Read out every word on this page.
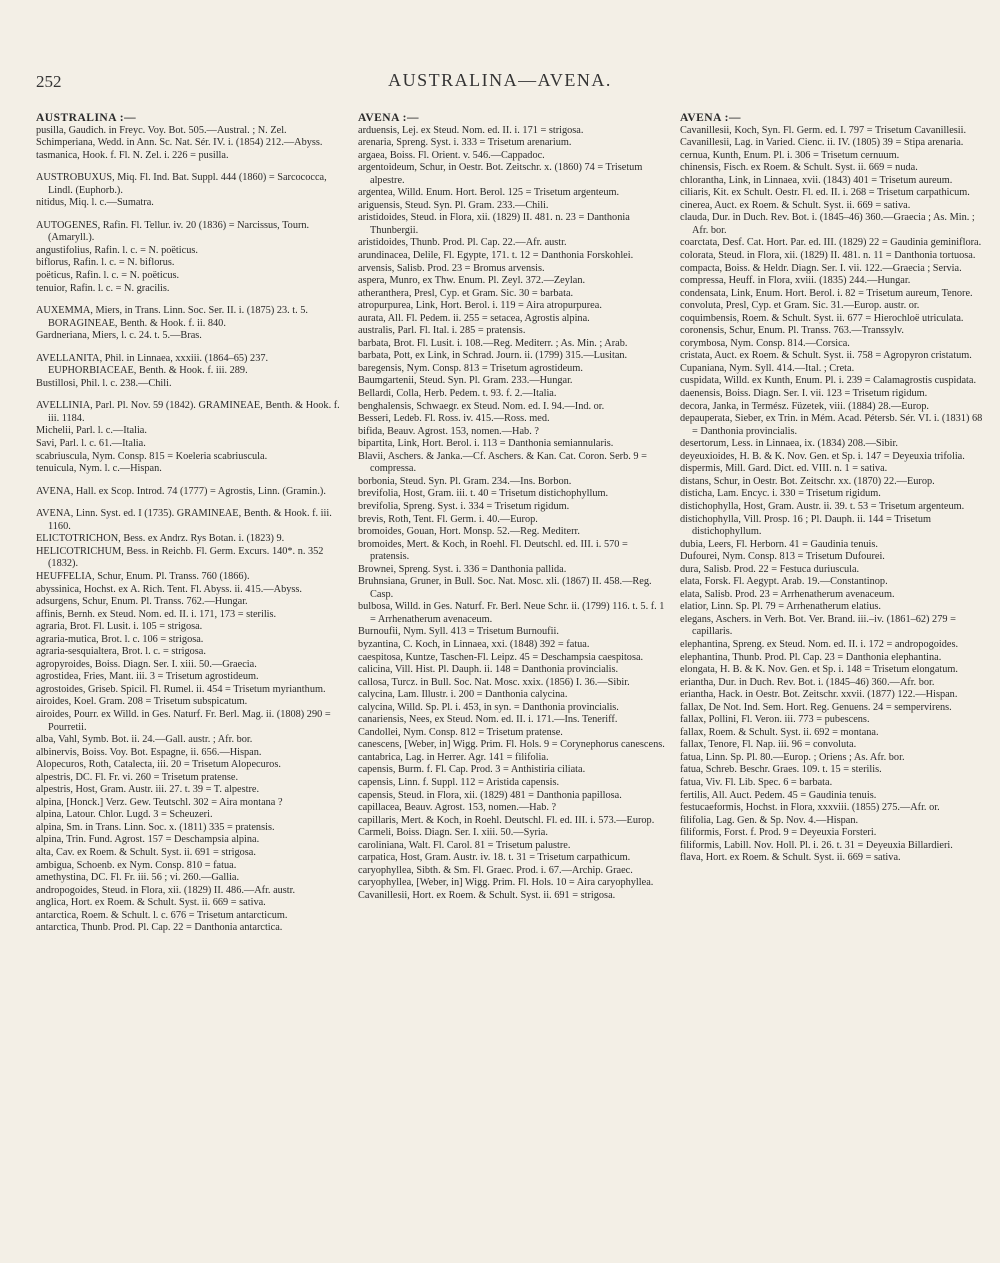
252	AUSTRALINA—AVENA.

AUSTRALINA :—

pusilla, Gaudich. in Freyc. Voy. Bot. 505.—Austral. ; N. Zel.

Schimperiana, Wedd. in Ann. Sc. Nat. Sér. IV. i. (1854) 212.—Abyss.

tasmanica, Hook. f. Fl. N. Zel. i. 226 = pusilla.

AUSTROBUXUS, Miq. Fl. Ind. Bat. Suppl. 444 (1860) = Sarcococca, Lindl. (Euphorb.).

nitidus, Miq. l. c.—Sumatra.

AUTOGENES, Rafin. Fl. Tellur. iv. 20 (1836) = Narcissus, Tourn. (Amaryll.).

angustifolius, Rafin. l. c. = N. poëticus.

biflorus, Rafin. l. c. = N. biflorus.

poëticus, Rafin. l. c. = N. poëticus.

tenuior, Rafin. l. c. = N. gracilis.

AUXEMMA, Miers, in Trans. Linn. Soc. Ser. II. i. (1875) 23. t. 5. BORAGINEAE, Benth. & Hook. f. ii. 840.

Gardneriana, Miers, l. c. 24. t. 5.—Bras.

AVELLANITA, Phil. in Linnaea, xxxiii. (1864–65) 237. EUPHORBIACEAE, Benth. & Hook. f. iii. 289.

Bustillosi, Phil. l. c. 238.—Chili.

AVELLINIA, Parl. Pl. Nov. 59 (1842). GRAMINEAE, Benth. & Hook. f. iii. 1184.

Michelii, Parl. l. c.—Italia.

Savi, Parl. l. c. 61.—Italia.

scabriuscula, Nym. Consp. 815 = Koeleria scabriuscula.

tenuicula, Nym. l. c.—Hispan.

AVENA, Hall. ex Scop. Introd. 74 (1777) = Agrostis, Linn. (Gramin.).

AVENA, Linn. Syst. ed. I (1735). GRAMINEAE, Benth. & Hook. f. iii. 1160.

ELICTOTRICHON, Bess. ex Andrz. Rys Botan. i. (1823) 9.

HELICOTRICHUM, Bess. in Reichb. Fl. Germ. Excurs. 140*. n. 352 (1832).

HEUFFELIA, Schur, Enum. Pl. Transs. 760 (1866).

abyssinica, Hochst. ex A. Rich. Tent. Fl. Abyss. ii. 415.—Abyss.

adsurgens, Schur, Enum. Pl. Transs. 762.—Hungar.

affinis, Bernh. ex Steud. Nom. ed. II. i. 171, 173 = sterilis.

agraria, Brot. Fl. Lusit. i. 105 = strigosa.

agraria-mutica, Brot. l. c. 106 = strigosa.

agraria-sesquialtera, Brot. l. c. = strigosa.

agropyroides, Boiss. Diagn. Ser. I. xiii. 50.—Graecia.

agrostidea, Fries, Mant. iii. 3 = Trisetum agrostideum.

agrostoides, Griseb. Spicil. Fl. Rumel. ii. 454 = Trisetum myrianthum.

airoides, Koel. Gram. 208 = Trisetum subspicatum.

airoides, Pourr. ex Willd. in Ges. Naturf. Fr. Berl. Mag. ii. (1808) 290 = Pourretii.

alba, Vahl, Symb. Bot. ii. 24.—Gall. austr. ; Afr. bor.

albinervis, Boiss. Voy. Bot. Espagne, ii. 656.—Hispan.

Alopecuros, Roth, Catalecta, iii. 20 = Trisetum Alopecuros.

alpestris, DC. Fl. Fr. vi. 260 = Trisetum pratense.

alpestris, Host, Gram. Austr. iii. 27. t. 39 = T. alpestre.

alpina, [Honck.] Verz. Gew. Teutschl. 302 = Aira montana ?

alpina, Latour. Chlor. Lugd. 3 = Scheuzeri.

alpina, Sm. in Trans. Linn. Soc. x. (1811) 335 = pratensis.

alpina, Trin. Fund. Agrost. 157 = Deschampsia alpina.

alta, Cav. ex Roem. & Schult. Syst. ii. 691 = strigosa.

ambigua, Schoenb. ex Nym. Consp. 810 = fatua.

amethystina, DC. Fl. Fr. iii. 56 ; vi. 260.—Gallia.

andropogoides, Steud. in Flora, xii. (1829) II. 486.—Afr. austr.

anglica, Hort. ex Roem. & Schult. Syst. ii. 669 = sativa.

antarctica, Roem. & Schult. l. c. 676 = Trisetum antarcticum.

antarctica, Thunb. Prod. Pl. Cap. 22 = Danthonia antarctica.

AVENA :—

arduensis, Lej. ex Steud. Nom. ed. II. i. 171 = strigosa.

arenaria, Spreng. Syst. i. 333 = Trisetum arenarium.

argaea, Boiss. Fl. Orient. v. 546.—Cappadoc.

argentoideum, Schur, in Oestr. Bot. Zeitschr. x. (1860) 74 = Trisetum alpestre.

argentea, Willd. Enum. Hort. Berol. 125 = Trisetum argenteum.

ariguensis, Steud. Syn. Pl. Gram. 233.—Chili.

aristidoides, Steud. in Flora, xii. (1829) II. 481. n. 23 = Danthonia Thunbergii.

aristidoides, Thunb. Prod. Pl. Cap. 22.—Afr. austr.

arundinacea, Delile, Fl. Egypte, 171. t. 12 = Danthonia Forskohlei.

arvensis, Salisb. Prod. 23 = Bromus arvensis.

aspera, Munro, ex Thw. Enum. Pl. Zeyl. 372.—Zeylan.

atheranthera, Presl, Cyp. et Gram. Sic. 30 = barbata.

atropurpurea, Link, Hort. Berol. i. 119 = Aira atropurpurea.

aurata, All. Fl. Pedem. ii. 255 = setacea, Agrostis alpina.

australis, Parl. Fl. Ital. i. 285 = pratensis.

barbata, Brot. Fl. Lusit. i. 108.—Reg. Mediterr. ; As. Min. ; Arab.

barbata, Pott, ex Link, in Schrad. Journ. ii. (1799) 315.—Lusitan.

baregensis, Nym. Consp. 813 = Trisetum agrostideum.

Baumgartenii, Steud. Syn. Pl. Gram. 233.—Hungar.

Bellardi, Colla, Herb. Pedem. t. 93. f. 2.—Italia.

benghalensis, Schwaegr. ex Steud. Nom. ed. I. 94.—Ind. or.

Besseri, Ledeb. Fl. Ross. iv. 415.—Ross. med.

bifida, Beauv. Agrost. 153, nomen.—Hab. ?

bipartita, Link, Hort. Berol. i. 113 = Danthonia semiannularis.

Blavii, Aschers. & Janka.—Cf. Aschers. & Kan. Cat. Coron. Serb. 9 = compressa.

borbonia, Steud. Syn. Pl. Gram. 234.—Ins. Borbon.

brevifolia, Host, Gram. iii. t. 40 = Trisetum distichophyllum.

brevifolia, Spreng. Syst. i. 334 = Trisetum rigidum.

brevis, Roth, Tent. Fl. Germ. i. 40.—Europ.

bromoides, Gouan, Hort. Monsp. 52.—Reg. Mediterr.

bromoides, Mert. & Koch, in Roehl. Fl. Deutschl. ed. III. i. 570 = pratensis.

Brownei, Spreng. Syst. i. 336 = Danthonia pallida.

Bruhnsiana, Gruner, in Bull. Soc. Nat. Mosc. xli. (1867) II. 458.—Reg. Casp.

bulbosa, Willd. in Ges. Naturf. Fr. Berl. Neue Schr. ii. (1799) 116. t. 5. f. 1 = Arrhenatherum avenaceum.

Burnoufii, Nym. Syll. 413 = Trisetum Burnoufii.

byzantina, C. Koch, in Linnaea, xxi. (1848) 392 = fatua.

caespitosa, Kuntze, Taschen-Fl. Leipz. 45 = Deschampsia caespitosa.

calicina, Vill. Hist. Pl. Dauph. ii. 148 = Danthonia provincialis.

callosa, Turcz. in Bull. Soc. Nat. Mosc. xxix. (1856) I. 36.—Sibir.

calycina, Lam. Illustr. i. 200 = Danthonia calycina.

calycina, Willd. Sp. Pl. i. 453, in syn. = Danthonia provincialis.

canariensis, Nees, ex Steud. Nom. ed. II. i. 171.—Ins. Teneriff.

Candollei, Nym. Consp. 812 = Trisetum pratense.

canescens, [Weber, in] Wigg. Prim. Fl. Hols. 9 = Corynephorus canescens.

cantabrica, Lag. in Herrer. Agr. 141 = filifolia.

capensis, Burm. f. Fl. Cap. Prod. 3 = Anthistiria ciliata.

capensis, Linn. f. Suppl. 112 = Aristida capensis.

capensis, Steud. in Flora, xii. (1829) 481 = Danthonia papillosa.

capillacea, Beauv. Agrost. 153, nomen.—Hab. ?

capillaris, Mert. & Koch, in Roehl. Deutschl. Fl. ed. III. i. 573.—Europ.

Carmeli, Boiss. Diagn. Ser. I. xiii. 50.—Syria.

caroliniana, Walt. Fl. Carol. 81 = Trisetum palustre.

carpatica, Host, Gram. Austr. iv. 18. t. 31 = Trisetum carpathicum.

caryophyllea, Sibth. & Sm. Fl. Graec. Prod. i. 67.—Archip. Graec.

caryophyllea, [Weber, in] Wigg. Prim. Fl. Hols. 10 = Aira caryophyllea.

Cavanillesii, Hort. ex Roem. & Schult. Syst. ii. 691 = strigosa.

AVENA :—

Cavanillesii, Koch, Syn. Fl. Germ. ed. I. 797 = Trisetum Cavanillesii.

Cavanillesii, Lag. in Varied. Cienc. ii. IV. (1805) 39 = Stipa arenaria.

cernua, Kunth, Enum. Pl. i. 306 = Trisetum cernuum.

chinensis, Fisch. ex Roem. & Schult. Syst. ii. 669 = nuda.

chlorantha, Link, in Linnaea, xvii. (1843) 401 = Trisetum aureum.

ciliaris, Kit. ex Schult. Oestr. Fl. ed. II. i. 268 = Trisetum carpathicum.

cinerea, Auct. ex Roem. & Schult. Syst. ii. 669 = sativa.

clauda, Dur. in Duch. Rev. Bot. i. (1845–46) 360.—Graecia ; As. Min. ; Afr. bor.

coarctata, Desf. Cat. Hort. Par. ed. III. (1829) 22 = Gaudinia geminiflora.

colorata, Steud. in Flora, xii. (1829) II. 481. n. 11 = Danthonia tortuosa.

compacta, Boiss. & Heldr. Diagn. Ser. I. vii. 122.—Graecia ; Servia.

compressa, Heuff. in Flora, xviii. (1835) 244.—Hungar.

condensata, Link, Enum. Hort. Berol. i. 82 = Trisetum aureum, Tenore.

convoluta, Presl, Cyp. et Gram. Sic. 31.—Europ. austr. or.

coquimbensis, Roem. & Schult. Syst. ii. 677 = Hierochloë utriculata.

coronensis, Schur, Enum. Pl. Transs. 763.—Transsylv.

corymbosa, Nym. Consp. 814.—Corsica.

cristata, Auct. ex Roem. & Schult. Syst. ii. 758 = Agropyron cristatum.

Cupaniana, Nym. Syll. 414.—Ital. ; Creta.

cuspidata, Willd. ex Kunth, Enum. Pl. i. 239 = Calamagrostis cuspidata.

daenensis, Boiss. Diagn. Ser. I. vii. 123 = Trisetum rigidum.

decora, Janka, in Termész. Füzetek, viii. (1884) 28.—Europ.

depauperata, Sieber, ex Trin. in Mém. Acad. Pétersb. Sér. VI. i. (1831) 68 = Danthonia provincialis.

desertorum, Less. in Linnaea, ix. (1834) 208.—Sibir.

deyeuxioides, H. B. & K. Nov. Gen. et Sp. i. 147 = Deyeuxia trifolia.

dispermis, Mill. Gard. Dict. ed. VIII. n. 1 = sativa.

distans, Schur, in Oestr. Bot. Zeitschr. xx. (1870) 22.—Europ.

disticha, Lam. Encyc. i. 330 = Trisetum rigidum.

distichophylla, Host, Gram. Austr. ii. 39. t. 53 = Trisetum argenteum.

distichophylla, Vill. Prosp. 16 ; Pl. Dauph. ii. 144 = Trisetum distichophyllum.

dubia, Leers, Fl. Herborn. 41 = Gaudinia tenuis.

Dufourei, Nym. Consp. 813 = Trisetum Dufourei.

dura, Salisb. Prod. 22 = Festuca duriuscula.

elata, Forsk. Fl. Aegypt. Arab. 19.—Constantinop.

elata, Salisb. Prod. 23 = Arrhenatherum avenaceum.

elatior, Linn. Sp. Pl. 79 = Arrhenatherum elatius.

elegans, Aschers. in Verh. Bot. Ver. Brand. iii.–iv. (1861–62) 279 = capillaris.

elephantina, Spreng. ex Steud. Nom. ed. II. i. 172 = andropogoides.

elephantina, Thunb. Prod. Pl. Cap. 23 = Danthonia elephantina.

elongata, H. B. & K. Nov. Gen. et Sp. i. 148 = Trisetum elongatum.

eriantha, Dur. in Duch. Rev. Bot. i. (1845–46) 360.—Afr. bor.

eriantha, Hack. in Oestr. Bot. Zeitschr. xxvii. (1877) 122.—Hispan.

fallax, De Not. Ind. Sem. Hort. Reg. Genuens. 24 = sempervirens.

fallax, Pollini, Fl. Veron. iii. 773 = pubescens.

fallax, Roem. & Schult. Syst. ii. 692 = montana.

fallax, Tenore, Fl. Nap. iii. 96 = convoluta.

fatua, Linn. Sp. Pl. 80.—Europ. ; Oriens ; As. Afr. bor.

fatua, Schreb. Beschr. Graes. 109. t. 15 = sterilis.

fatua, Viv. Fl. Lib. Spec. 6 = barbata.

fertilis, All. Auct. Pedem. 45 = Gaudinia tenuis.

festucaeformis, Hochst. in Flora, xxxviii. (1855) 275.—Afr. or.

filifolia, Lag. Gen. & Sp. Nov. 4.—Hispan.

filiformis, Forst. f. Prod. 9 = Deyeuxia Forsteri.

filiformis, Labill. Nov. Holl. Pl. i. 26. t. 31 = Deyeuxia Billardieri.

flava, Hort. ex Roem. & Schult. Syst. ii. 669 = sativa.
